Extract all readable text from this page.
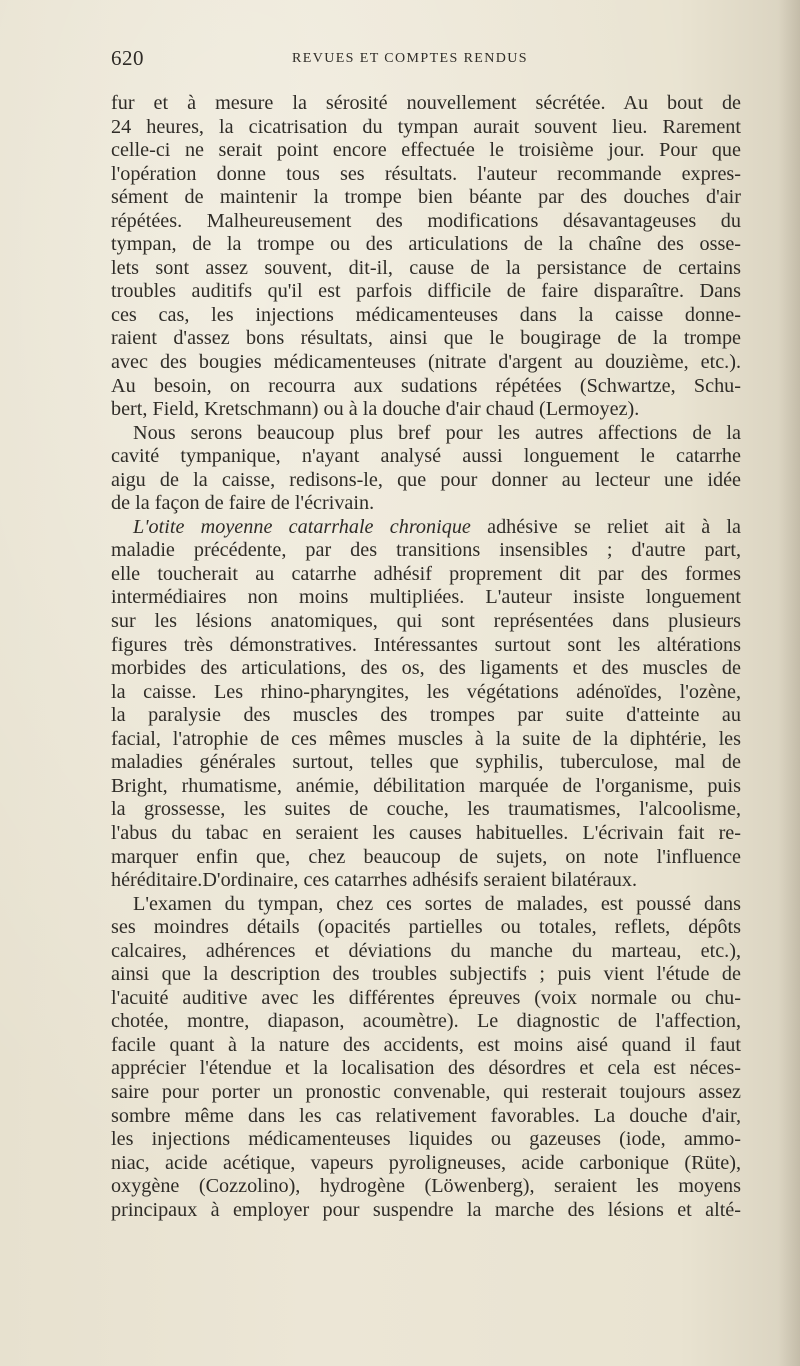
620	REVUES ET COMPTES RENDUS
fur et à mesure la sérosité nouvellement sécrétée. Au bout de
24 heures, la cicatrisation du tympan aurait souvent lieu. Rarement
celle-ci ne serait point encore effectuée le troisième jour. Pour que
l'opération donne tous ses résultats. l'auteur recommande expres-
sément de maintenir la trompe bien béante par des douches d'air
répétées. Malheureusement des modifications désavantageuses du
tympan, de la trompe ou des articulations de la chaîne des osse-
lets sont assez souvent, dit-il, cause de la persistance de certains
troubles auditifs qu'il est parfois difficile de faire disparaître. Dans
ces cas, les injections médicamenteuses dans la caisse donne-
raient d'assez bons résultats, ainsi que le bougirage de la trompe
avec des bougies médicamenteuses (nitrate d'argent au douzième, etc.).
Au besoin, on recourra aux sudations répétées (Schwartze, Schu-
bert, Field, Kretschmann) ou à la douche d'air chaud (Lermoyez).
Nous serons beaucoup plus bref pour les autres affections de la
cavité tympanique, n'ayant analysé aussi longuement le catarrhe
aigu de la caisse, redisons-le, que pour donner au lecteur une idée
de la façon de faire de l'écrivain.
L'otite moyenne catarrhale chronique adhésive se reliet ait à la
maladie précédente, par des transitions insensibles ; d'autre part,
elle toucherait au catarrhe adhésif proprement dit par des formes
intermédiaires non moins multipliées. L'auteur insiste longuement
sur les lésions anatomiques, qui sont représentées dans plusieurs
figures très démonstratives. Intéressantes surtout sont les altérations
morbides des articulations, des os, des ligaments et des muscles de
la caisse. Les rhino-pharyngites, les végétations adénoïdes, l'ozène,
la paralysie des muscles des trompes par suite d'atteinte au
facial, l'atrophie de ces mêmes muscles à la suite de la diphtérie, les
maladies générales surtout, telles que syphilis, tuberculose, mal de
Bright, rhumatisme, anémie, débilitation marquée de l'organisme, puis
la grossesse, les suites de couche, les traumatismes, l'alcoolisme,
l'abus du tabac en seraient les causes habituelles. L'écrivain fait re-
marquer enfin que, chez beaucoup de sujets, on note l'influence
héréditaire.D'ordinaire, ces catarrhes adhésifs seraient bilatéraux.
L'examen du tympan, chez ces sortes de malades, est poussé dans
ses moindres détails (opacités partielles ou totales, reflets, dépôts
calcaires, adhérences et déviations du manche du marteau, etc.),
ainsi que la description des troubles subjectifs ; puis vient l'étude de
l'acuité auditive avec les différentes épreuves (voix normale ou chu-
chotée, montre, diapason, acoumètre). Le diagnostic de l'affection,
facile quant à la nature des accidents, est moins aisé quand il faut
apprécier l'étendue et la localisation des désordres et cela est néces-
saire pour porter un pronostic convenable, qui resterait toujours assez
sombre même dans les cas relativement favorables. La douche d'air,
les injections médicamenteuses liquides ou gazeuses (iode, ammo-
niac, acide acétique, vapeurs pyroligneuses, acide carbonique (Rüte),
oxygène (Cozzolino), hydrogène (Löwenberg), seraient les moyens
principaux à employer pour suspendre la marche des lésions et alté-
